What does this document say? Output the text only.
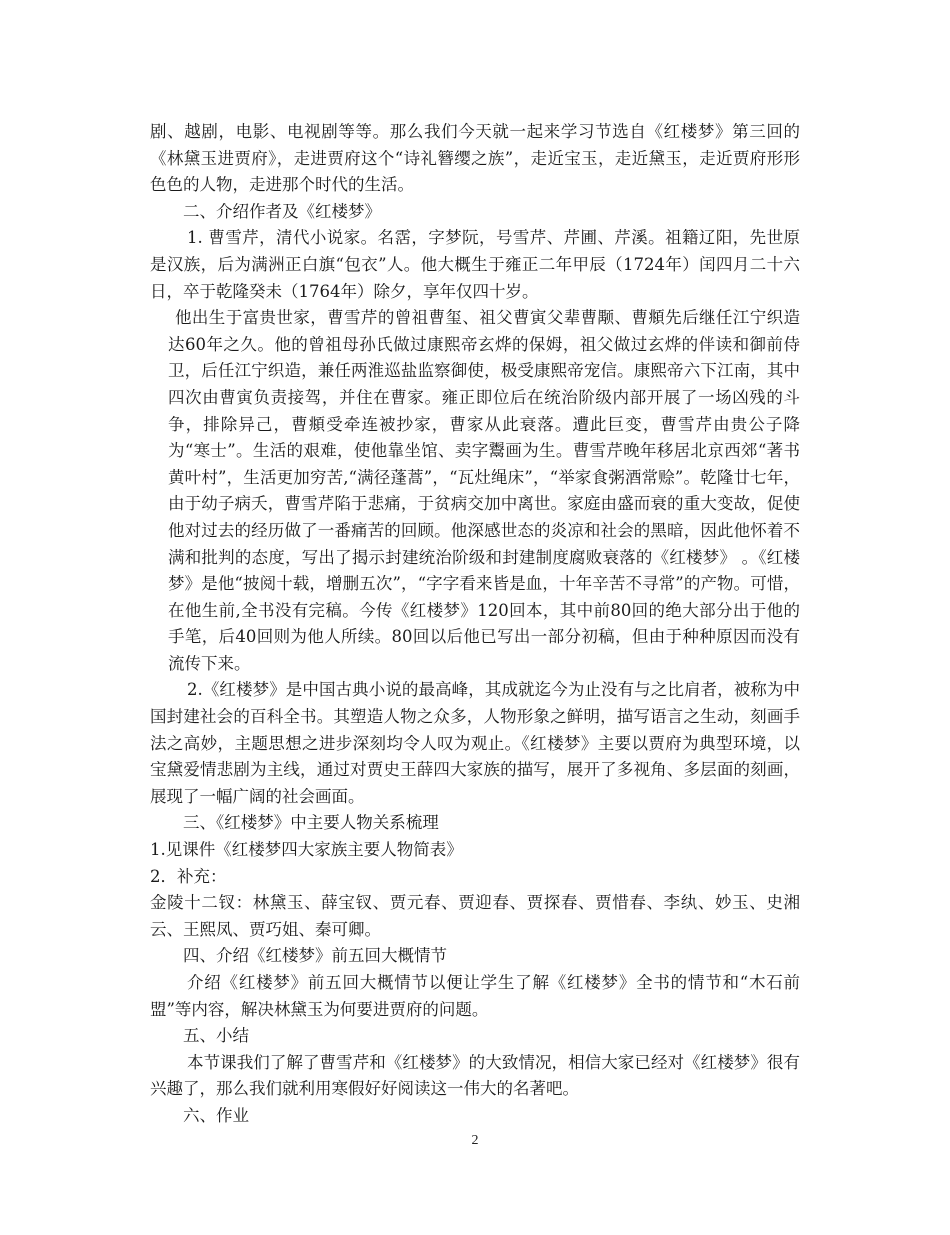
剧、越剧，电影、电视剧等等。那么我们今天就一起来学习节选自《红楼梦》第三回的《林黛玉进贾府》，走进贾府这个“诗礼簪缨之族”，走近宝玉，走近黛玉，走近贾府形形色色的人物，走进那个时代的生活。

二、介绍作者及《红楼梦》

1. 曹雪芹，清代小说家。名霑，字梦阮，号雪芹、芹圃、芹溪。祖籍辽阳，先世原是汉族，后为满洲正白旗“包衣”人。他大概生于雍正二年甲辰（1724年）闰四月二十六日，卒于乾隆癸未（1764年）除夕，享年仅四十岁。

他出生于富贵世家，曹雪芹的曾祖曹玺、祖父曹寅父辈曹颙、曹頫先后继任江宁织造达60年之久。他的曾祖母孙氏做过康熙帝玄烨的保姆，祖父做过玄烨的伴读和御前侍卫，后任江宁织造，兼任两淮巡盐监察御使，极受康熙帝宠信。康熙帝六下江南，其中四次由曹寅负责接驾，并住在曹家。雍正即位后在统治阶级内部开展了一场凶残的斗争，排除异己，曹頫受牵连被抄家，曹家从此衰落。遭此巨变，曹雪芹由贵公子降为“寒士”。生活的艰难，使他靠坐馆、卖字鬻画为生。曹雪芹晚年移居北京西郊“著书黄叶村”，生活更加穷苦,“满径蓬蒿”，“瓦灶绳床”，“举家食粥酒常赊”。乾隆廿七年，由于幼子病夭，曹雪芹陷于悲痛，于贫病交加中离世。家庭由盛而衰的重大变故，促使他对过去的经历做了一番痛苦的回顾。他深感世态的炎凉和社会的黑暗，因此他怀着不满和批判的态度，写出了揭示封建统治阶级和封建制度腐败衰落的《红楼梦》 。《红楼梦》是他“披阅十载，增删五次”，“字字看来皆是血，十年辛苦不寻常”的产物。可惜，在他生前,全书没有完稿。今传《红楼梦》120回本，其中前80回的绝大部分出于他的手笔，后40回则为他人所续。80回以后他已写出一部分初稿，但由于种种原因而没有流传下来。

2.《红楼梦》是中国古典小说的最高峰，其成就迄今为止没有与之比肩者，被称为中国封建社会的百科全书。其塑造人物之众多，人物形象之鲜明，描写语言之生动，刻画手法之高妙，主题思想之进步深刻均令人叹为观止。《红楼梦》主要以贾府为典型环境，以宝黛爱情悲剧为主线，通过对贾史王薛四大家族的描写，展开了多视角、多层面的刻画，展现了一幅广阔的社会画面。

三、《红楼梦》中主要人物关系梳理

1.见课件《红楼梦四大家族主要人物简表》

2．补充：

金陵十二钗：林黛玉、薛宝钗、贾元春、贾迎春、贾探春、贾惜春、李纨、妙玉、史湘云、王熙凤、贾巧姐、秦可卿。

四、介绍《红楼梦》前五回大概情节

介绍《红楼梦》前五回大概情节以便让学生了解《红楼梦》全书的情节和“木石前盟”等内容，解决林黛玉为何要进贾府的问题。

五、小结

本节课我们了解了曹雪芹和《红楼梦》的大致情况，相信大家已经对《红楼梦》很有兴趣了，那么我们就利用寒假好好阅读这一伟大的名著吧。

六、作业

2
